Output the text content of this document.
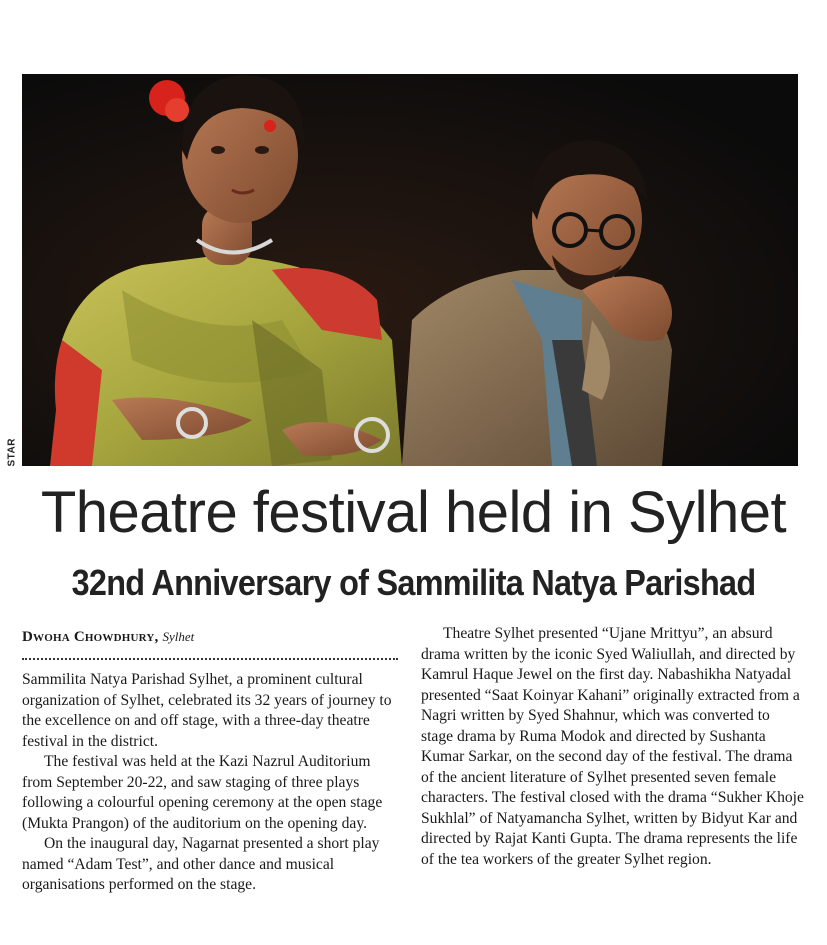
STAR
Theatre festival held in Sylhet
32nd Anniversary of Sammilita Natya Parishad
Dwoha Chowdhury, Sylhet

Sammilita Natya Parishad Sylhet, a prominent cultural organization of Sylhet, celebrated its 32 years of journey to the excellence on and off stage, with a three-day theatre festival in the district.

The festival was held at the Kazi Nazrul Auditorium from September 20-22, and saw staging of three plays following a colourful opening ceremony at the open stage (Mukta Prangon) of the auditorium on the opening day.

On the inaugural day, Nagarnat presented a short play named “Adam Test”, and other dance and musical organisations performed on the stage.

Theatre Sylhet presented “Ujane Mrittyu”, an absurd drama written by the iconic Syed Waliullah, and directed by Kamrul Haque Jewel on the first day. Nabashikha Natyadal presented “Saat Koinyar Kahani” originally extracted from a Nagri written by Syed Shahnur, which was converted to stage drama by Ruma Modok and directed by Sushanta Kumar Sarkar, on the second day of the festival. The drama of the ancient literature of Sylhet presented seven female characters. The festival closed with the drama “Sukher Khoje Sukhlal” of Natyamancha Sylhet, written by Bidyut Kar and directed by Rajat Kanti Gupta. The drama represents the life of the tea workers of the greater Sylhet region.
